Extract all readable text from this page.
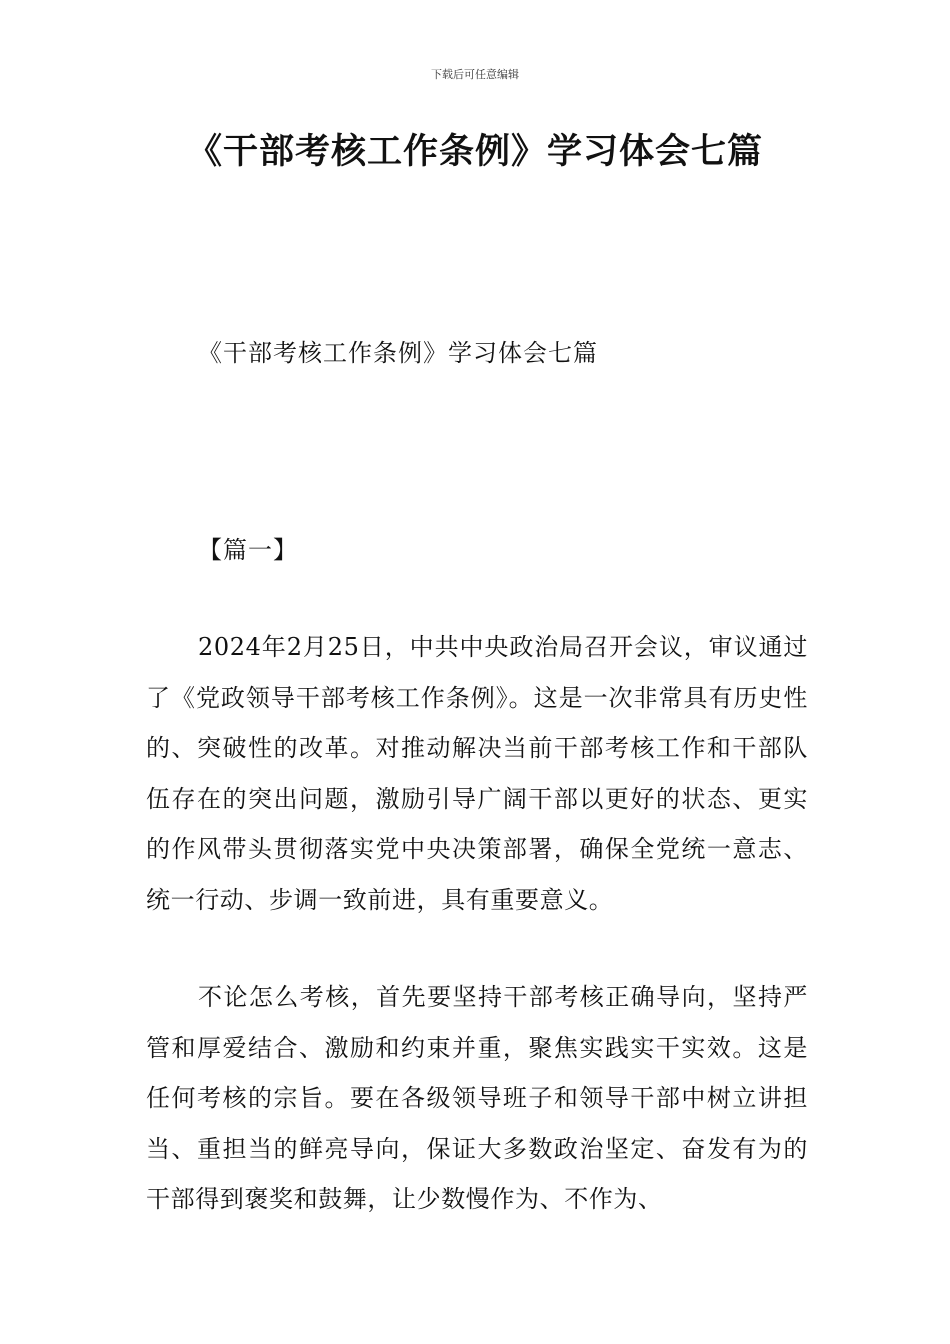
下载后可任意编辑
《干部考核工作条例》学习体会七篇
《干部考核工作条例》学习体会七篇
【篇一】

2024年2月25日，中共中央政治局召开会议，审议通过了《党政领导干部考核工作条例》。这是一次非常具有历史性的、突破性的改革。对推动解决当前干部考核工作和干部队伍存在的突出问题，激励引导广阔干部以更好的状态、更实的作风带头贯彻落实党中央决策部署，确保全党统一意志、统一行动、步调一致前进，具有重要意义。

不论怎么考核，首先要坚持干部考核正确导向，坚持严管和厚爱结合、激励和约束并重，聚焦实践实干实效。这是任何考核的宗旨。要在各级领导班子和领导干部中树立讲担当、重担当的鲜亮导向，保证大多数政治坚定、奋发有为的干部得到褒奖和鼓舞，让少数慢作为、不作为、
